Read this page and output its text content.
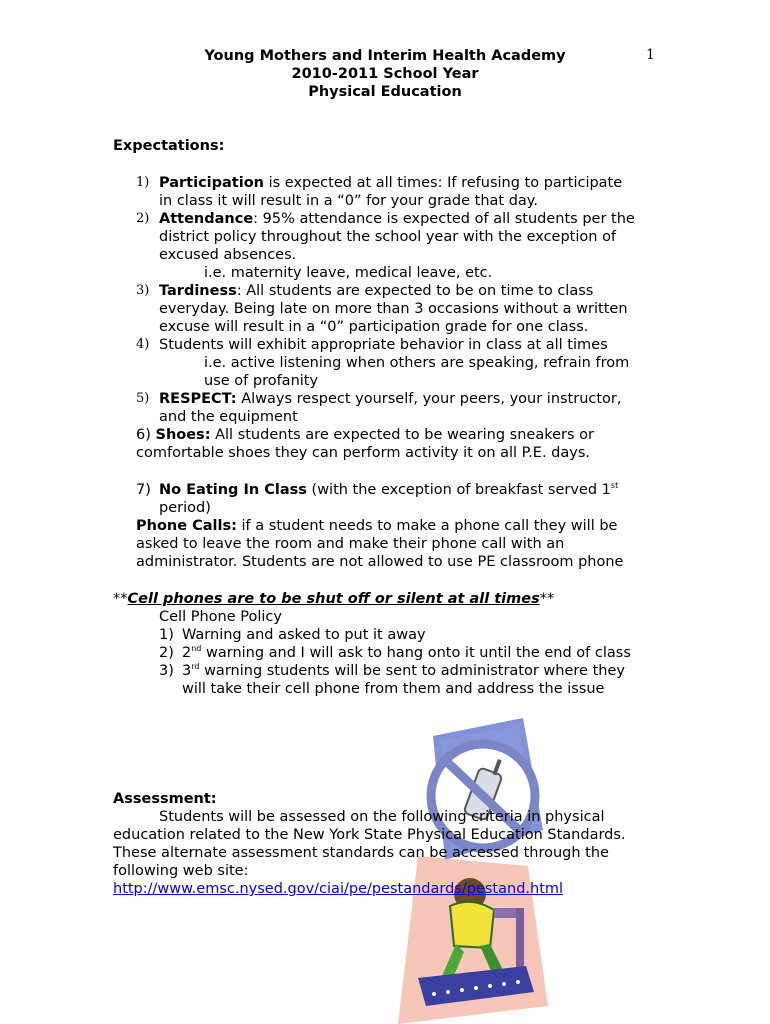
1
Young Mothers and Interim Health Academy
2010-2011 School Year
Physical Education
Expectations:
1) Participation is expected at all times: If refusing to participate
in class it will result in a “0” for your grade that day.
2) Attendance: 95% attendance is expected of all students per the
district policy throughout the school year with the exception of
excused absences.
i.e. maternity leave, medical leave, etc.
3) Tardiness: All students are expected to be on time to class
everyday. Being late on more than 3 occasions without a written
excuse will result in a “0” participation grade for one class.
4) Students will exhibit appropriate behavior in class at all times
i.e. active listening when others are speaking, refrain from
use of profanity
5) RESPECT: Always respect yourself, your peers, your instructor,
and the equipment
6) Shoes: All students are expected to be wearing sneakers or
comfortable shoes they can perform activity it on all P.E. days.
7) No Eating In Class (with the exception of breakfast served 1st
period)
Phone Calls: if a student needs to make a phone call they will be
asked to leave the room and make their phone call with an
administrator. Students are not allowed to use PE classroom phone
**Cell phones are to be shut off or silent at all times**
Cell Phone Policy
1) Warning and asked to put it away
2) 2nd warning and I will ask to hang onto it until the end of class
3) 3rd warning students will be sent to administrator where they
will take their cell phone from them and address the issue
Assessment:
Students will be assessed on the following criteria in physical
education related to the New York State Physical Education Standards.
These alternate assessment standards can be accessed through the
following web site:
http://www.emsc.nysed.gov/ciai/pe/pestandards/pestand.html
